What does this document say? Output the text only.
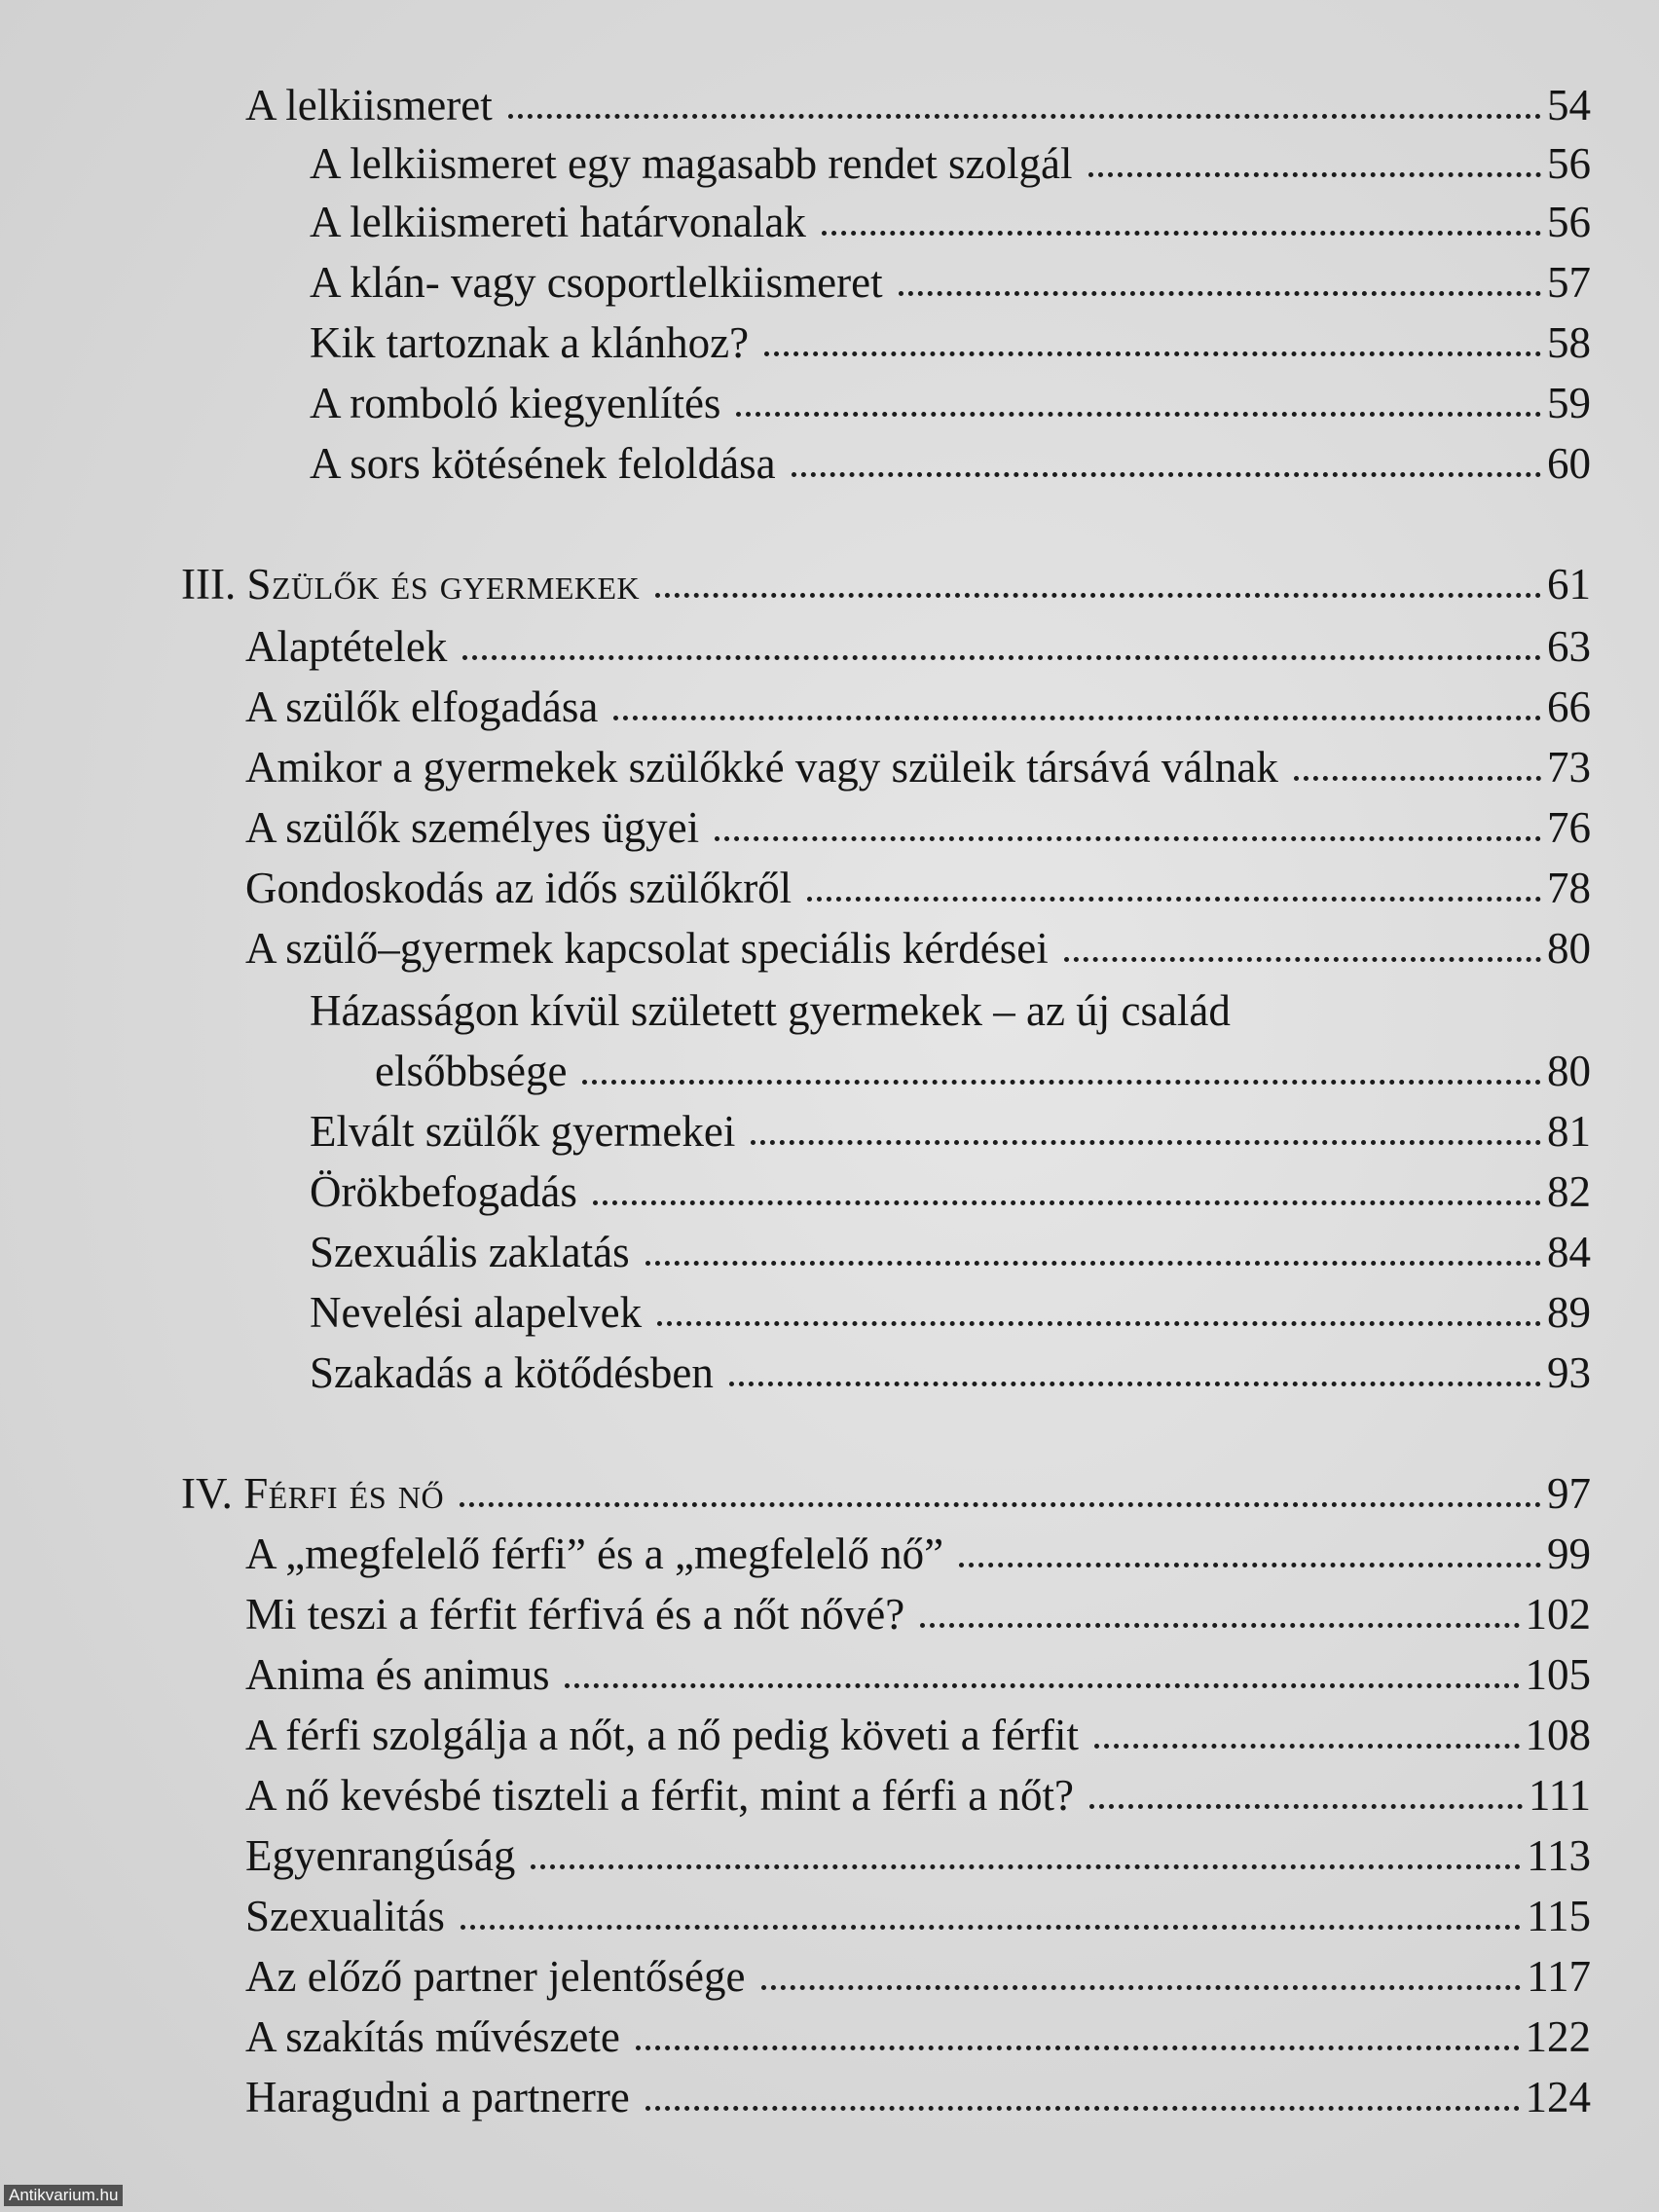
A lelkiismeret	54
A lelkiismeret egy magasabb rendet szolgál	56
A lelkiismereti határvonalak	56
A klán- vagy csoportlelkiismeret	57
Kik tartoznak a klánhoz?	58
A romboló kiegyenlítés	59
A sors kötésének feloldása	60
III. Szülők és gyermekek	61
Alaptételek	63
A szülők elfogadása	66
Amikor a gyermekek szülőkké vagy szüleik társává válnak	73
A szülők személyes ügyei	76
Gondoskodás az idős szülőkről	78
A szülő–gyermek kapcsolat speciális kérdései	80
Házasságon kívül született gyermekek – az új család
elsőbbsége	80
Elvált szülők gyermekei	81
Örökbefogadás	82
Szexuális zaklatás	84
Nevelési alapelvek	89
Szakadás a kötődésben	93
IV. Férfi és nő	97
A „megfelelő férfi” és a „megfelelő nő”	99
Mi teszi a férfit férfivá és a nőt nővé?	102
Anima és animus	105
A férfi szolgálja a nőt, a nő pedig követi a férfit	108
A nő kevésbé tiszteli a férfit, mint a férfi a nőt?	111
Egyenrangúság	113
Szexualitás	115
Az előző partner jelentősége	117
A szakítás művészete	122
Haragudni a partnerre	124
Antikvarium.hu
